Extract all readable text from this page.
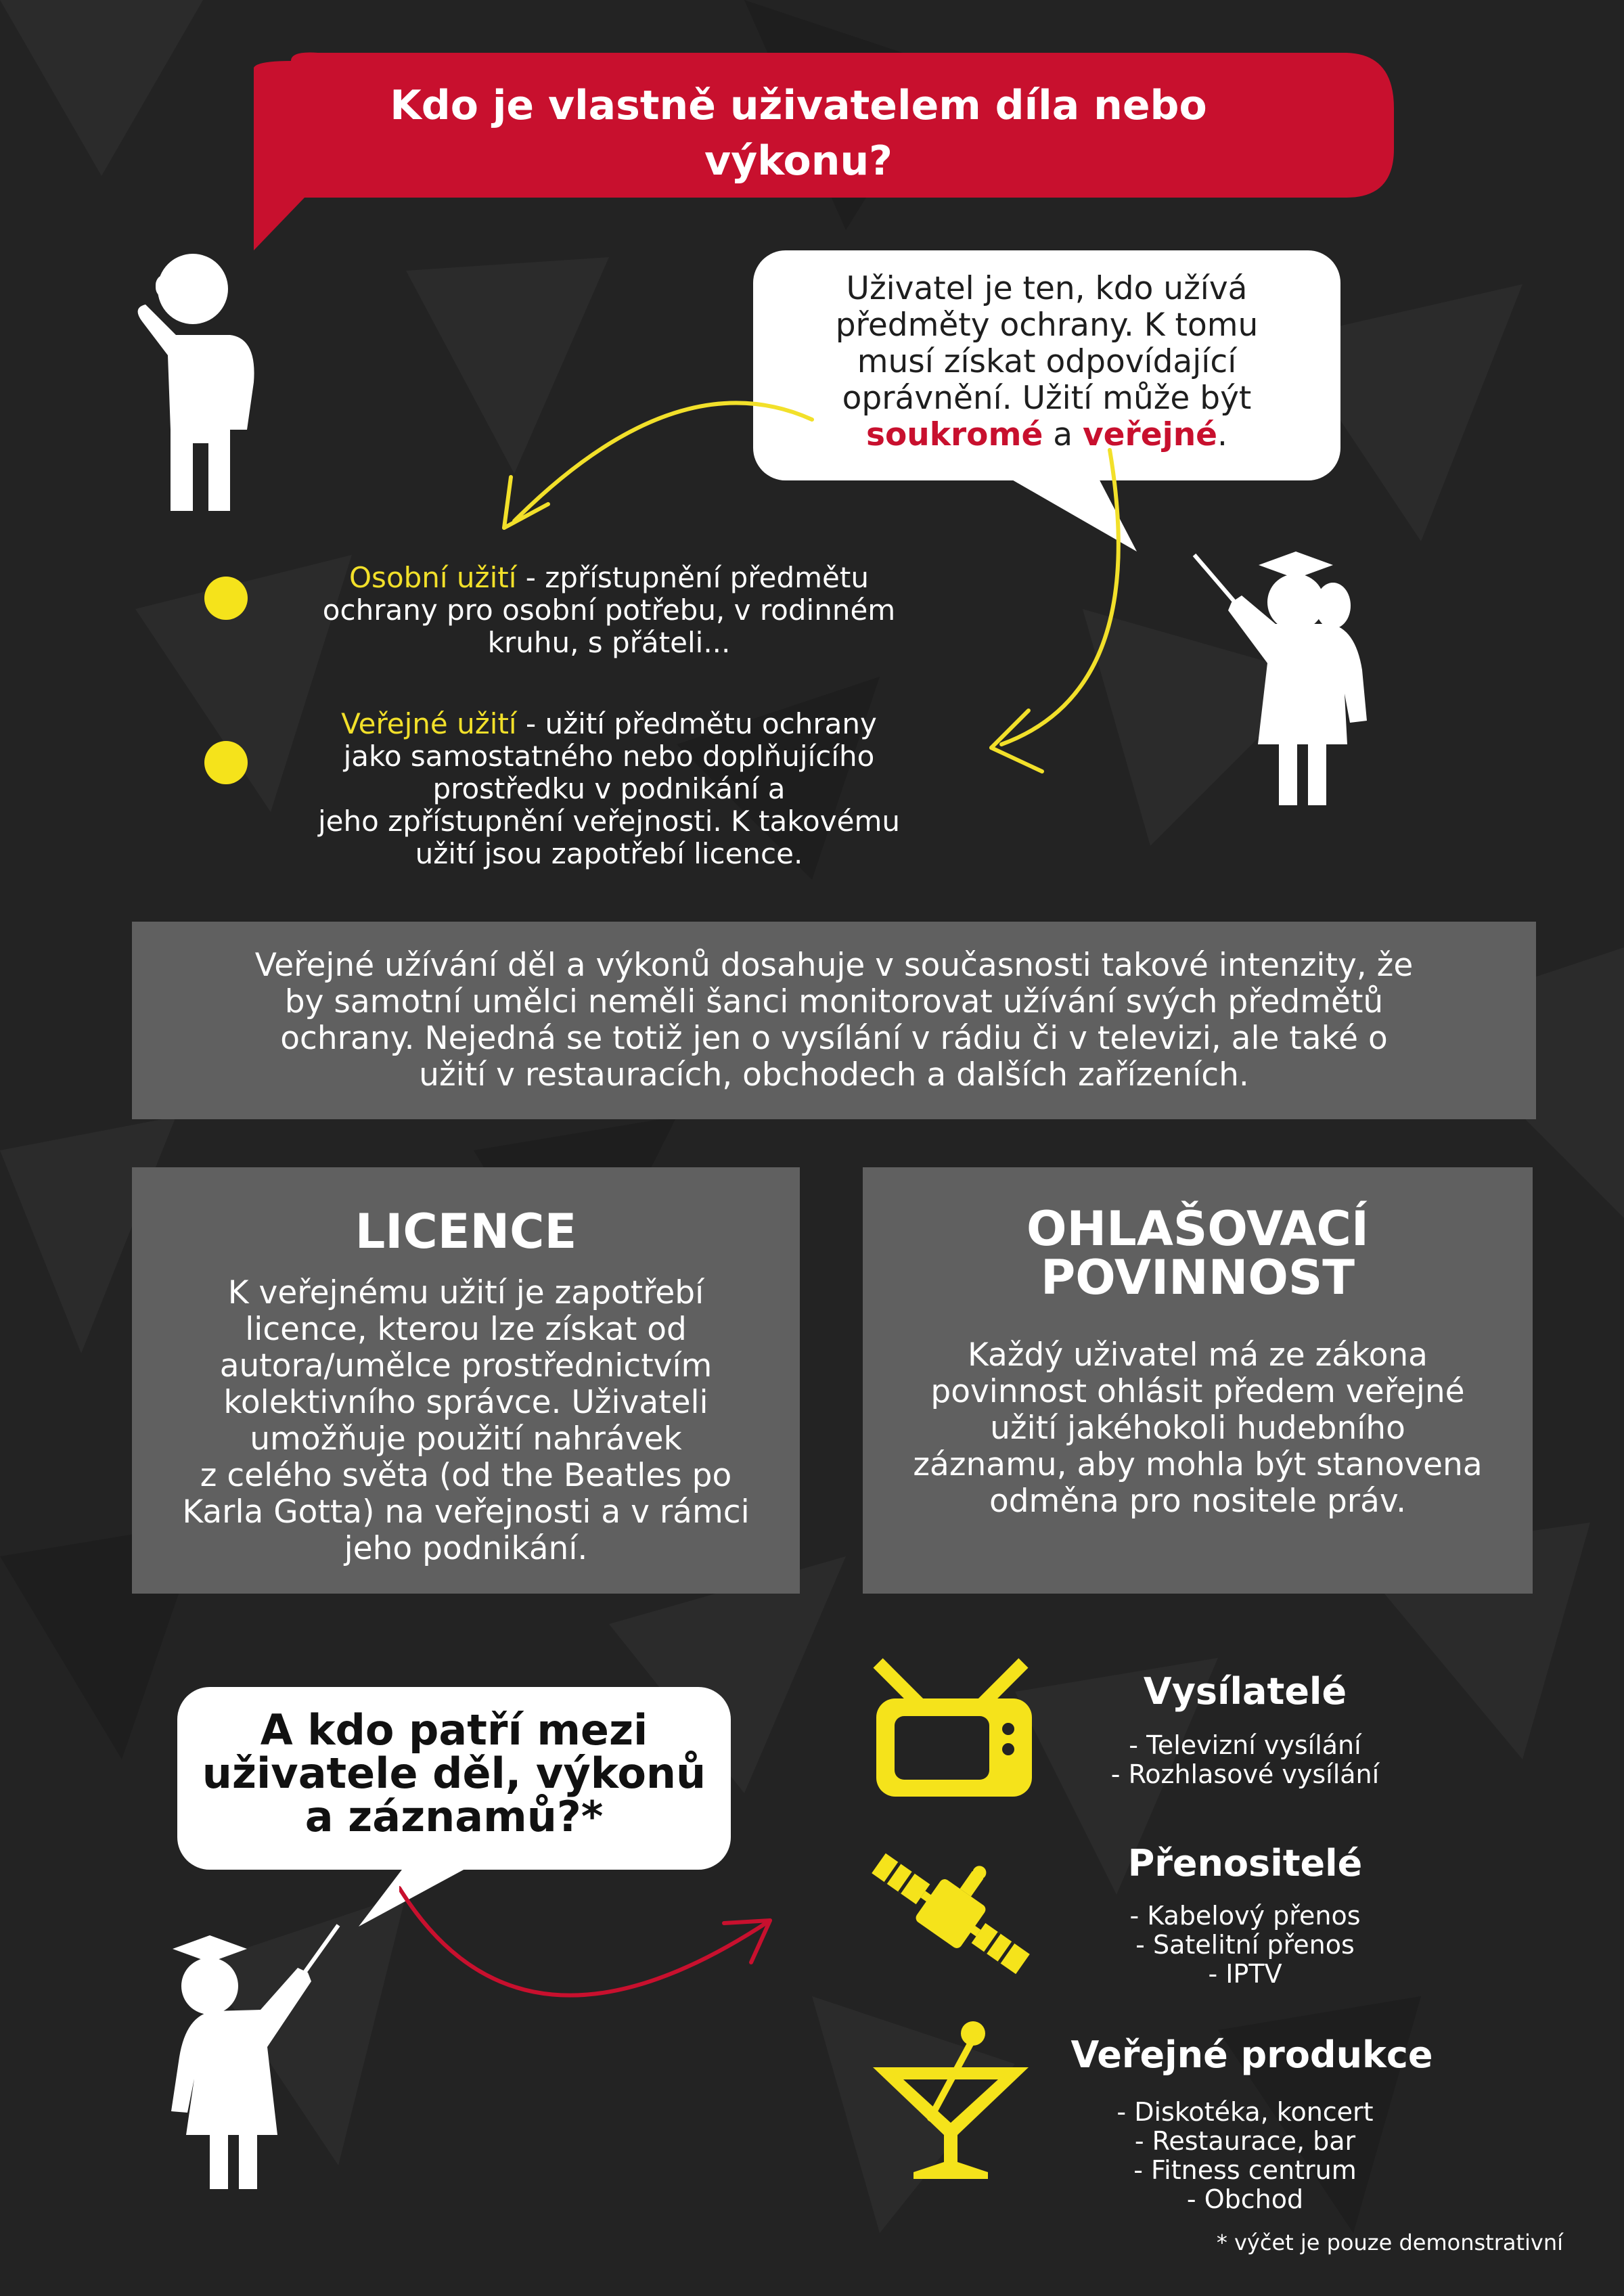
Kdo je vlastně uživatelem díla nebo
výkonu?
Uživatel je ten, kdo užívá
předměty ochrany. K tomu
musí získat odpovídající
oprávnění. Užití může být
soukromé a veřejné.
Osobní užití - zpřístupnění předmětu
ochrany pro osobní potřebu, v rodinném
kruhu, s přáteli...
Veřejné užití - užití předmětu ochrany
jako samostatného nebo doplňujícího
prostředku v podnikání a
jeho zpřístupnění veřejnosti. K takovému
užití jsou zapotřebí licence.
Veřejné užívání děl a výkonů dosahuje v současnosti takové intenzity, že
by samotní umělci neměli šanci monitorovat užívání svých předmětů
ochrany. Nejedná se totiž jen o vysílání v rádiu či v televizi, ale také o
užití v restauracích, obchodech a dalších zařízeních.
LICENCE
K veřejnému užití je zapotřebí
licence, kterou lze získat od
autora/umělce prostřednictvím
kolektivního správce. Uživateli
umožňuje použití nahrávek
z celého světa (od the Beatles po
Karla Gotta) na veřejnosti a v rámci
jeho podnikání.
OHLAŠOVACÍ
POVINNOST
Každý uživatel má ze zákona
povinnost ohlásit předem veřejné
užití jakéhokoli hudebního
záznamu, aby mohla být stanovena
odměna pro nositele práv.
A kdo patří mezi
uživatele děl, výkonů
a záznamů?*
Vysílatelé
- Televizní vysílání
- Rozhlasové vysílání
Přenositelé
- Kabelový přenos
- Satelitní přenos
- IPTV
Veřejné produkce
- Diskotéka, koncert
- Restaurace, bar
- Fitness centrum
- Obchod
* výčet je pouze demonstrativní
